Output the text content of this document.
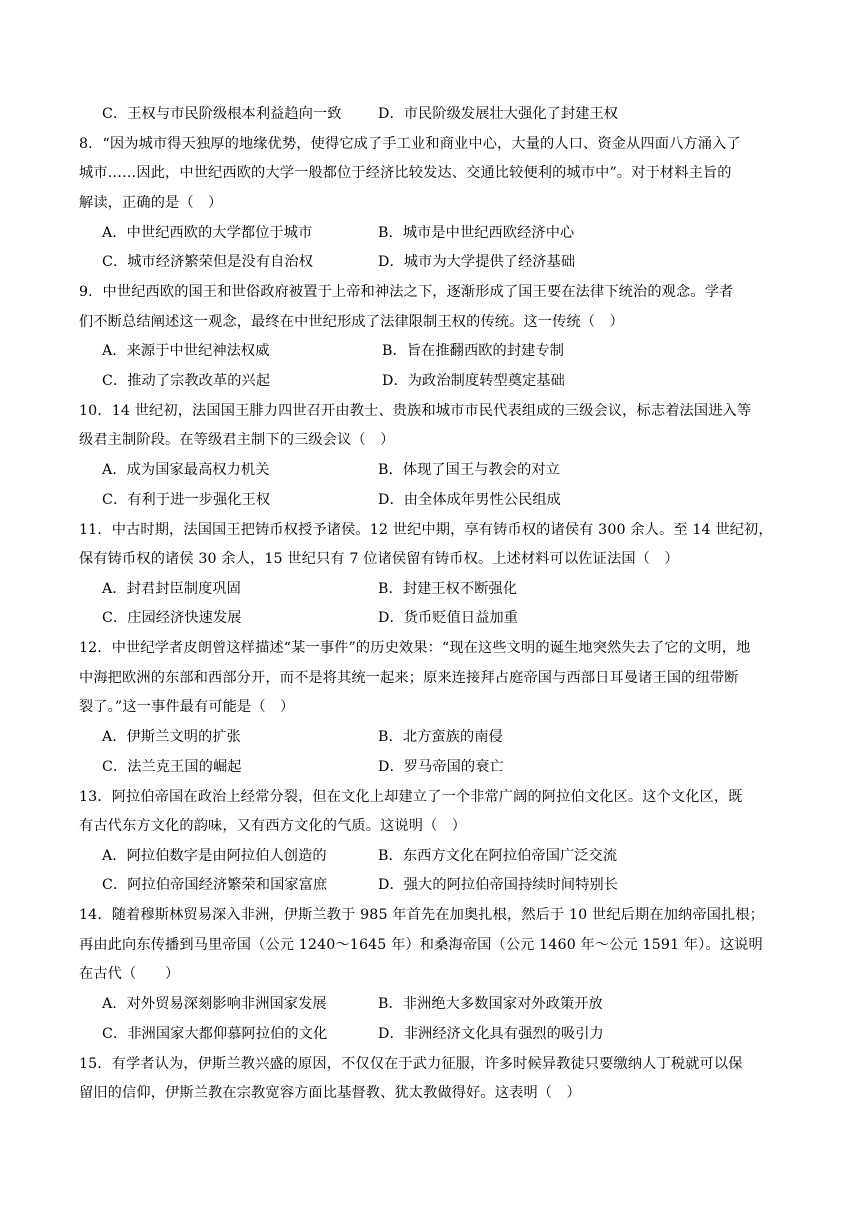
C．王权与市民阶级根本利益趋向一致	D．市民阶级发展壮大强化了封建王权
8．“因为城市得天独厚的地缘优势，使得它成了手工业和商业中心，大量的人口、资金从四面八方涌入了
城市……因此，中世纪西欧的大学一般都位于经济比较发达、交通比较便利的城市中”。对于材料主旨的
解读，正确的是（　）
A．中世纪西欧的大学都位于城市	B．城市是中世纪西欧经济中心
C．城市经济繁荣但是没有自治权	D．城市为大学提供了经济基础
9．中世纪西欧的国王和世俗政府被置于上帝和神法之下，逐渐形成了国王要在法律下统治的观念。学者
们不断总结阐述这一观念，最终在中世纪形成了法律限制王权的传统。这一传统（　）
A．来源于中世纪神法权威	B．旨在推翻西欧的封建专制
C．推动了宗教改革的兴起	D．为政治制度转型奠定基础
10．14 世纪初，法国国王腓力四世召开由教士、贵族和城市市民代表组成的三级会议，标志着法国进入等
级君主制阶段。在等级君主制下的三级会议（　）
A．成为国家最高权力机关	B．体现了国王与教会的对立
C．有利于进一步强化王权	D．由全体成年男性公民组成
11．中古时期，法国国王把铸币权授予诸侯。12 世纪中期，享有铸币权的诸侯有 300 余人。至 14 世纪初，
保有铸币权的诸侯 30 余人，15 世纪只有 7 位诸侯留有铸币权。上述材料可以佐证法国（　）
A．封君封臣制度巩固	B．封建王权不断强化
C．庄园经济快速发展	D．货币贬值日益加重
12．中世纪学者皮朗曾这样描述“某一事件”的历史效果：“现在这些文明的诞生地突然失去了它的文明，地
中海把欧洲的东部和西部分开，而不是将其统一起来；原来连接拜占庭帝国与西部日耳曼诸王国的纽带断
裂了。”这一事件最有可能是（　）
A．伊斯兰文明的扩张	B．北方蛮族的南侵
C．法兰克王国的崛起	D．罗马帝国的衰亡
13．阿拉伯帝国在政治上经常分裂，但在文化上却建立了一个非常广阔的阿拉伯文化区。这个文化区，既
有古代东方文化的韵味，又有西方文化的气质。这说明（　）
A．阿拉伯数字是由阿拉伯人创造的	B．东西方文化在阿拉伯帝国广泛交流
C．阿拉伯帝国经济繁荣和国家富庶	D．强大的阿拉伯帝国持续时间特别长
14．随着穆斯林贸易深入非洲，伊斯兰教于 985 年首先在加奥扎根，然后于 10 世纪后期在加纳帝国扎根；
再由此向东传播到马里帝国（公元 1240～1645 年）和桑海帝国（公元 1460 年～公元 1591 年）。这说明
在古代（　　）
A．对外贸易深刻影响非洲国家发展	B．非洲绝大多数国家对外政策开放
C．非洲国家大都仰慕阿拉伯的文化	D．非洲经济文化具有强烈的吸引力
15．有学者认为，伊斯兰教兴盛的原因，不仅仅在于武力征服，许多时候异教徒只要缴纳人丁税就可以保
留旧的信仰，伊斯兰教在宗教宽容方面比基督教、犹太教做得好。这表明（　）
